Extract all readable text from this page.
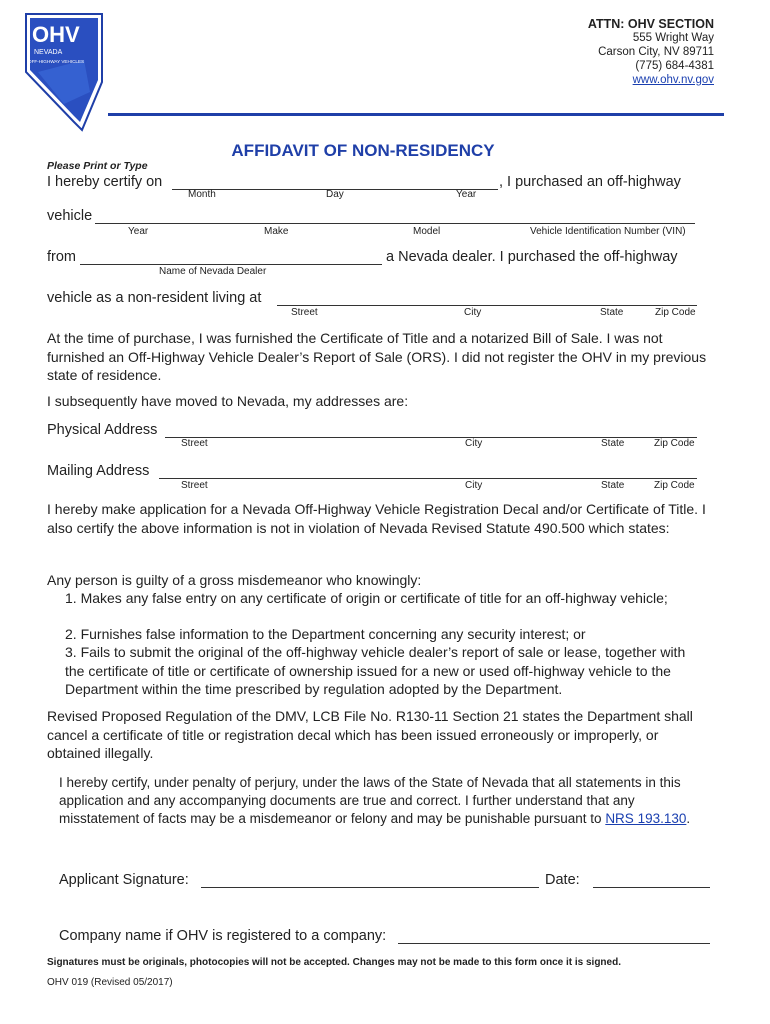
OHV
NEVADA
OFF-HIGHWAY VEHICLES
ATTN: OHV SECTION
555 Wright Way
Carson City, NV 89711
(775) 684-4381
www.ohv.nv.gov
AFFIDAVIT OF NON-RESIDENCY
Please Print or Type
I hereby certify on	, I purchased an off-highway
Month	Day	Year
vehicle
Year	Make	Model	Vehicle Identification Number (VIN)
from	a Nevada dealer. I purchased the off-highway
Name of Nevada Dealer
vehicle as a non-resident living at
Street	City	State	Zip Code
At the time of purchase, I was furnished the Certificate of Title and a notarized Bill of Sale. I was not furnished an Off-Highway Vehicle Dealer’s Report of Sale (ORS). I did not register the OHV in my previous state of residence.
I subsequently have moved to Nevada, my addresses are:
Physical Address
Street	City	State	Zip Code
Mailing Address
Street	City	State	Zip Code
I hereby make application for a Nevada Off-Highway Vehicle Registration Decal and/or Certificate of Title. I also certify the above information is not in violation of Nevada Revised Statute 490.500 which states:
Any person is guilty of a gross misdemeanor who knowingly:
1. Makes any false entry on any certificate of origin or certificate of title for an off-highway vehicle;
2. Furnishes false information to the Department concerning any security interest; or
3. Fails to submit the original of the off-highway vehicle dealer’s report of sale or lease, together with the certificate of title or certificate of ownership issued for a new or used off-highway vehicle to the Department within the time prescribed by regulation adopted by the Department.
Revised Proposed Regulation of the DMV, LCB File No. R130-11 Section 21 states the Department shall cancel a certificate of title or registration decal which has been issued erroneously or improperly, or obtained illegally.
I hereby certify, under penalty of perjury, under the laws of the State of Nevada that all statements in this application and any accompanying documents are true and correct. I further understand that any misstatement of facts may be a misdemeanor or felony and may be punishable pursuant to NRS 193.130.
Applicant Signature:	Date:
Company name if OHV is registered to a company:
Signatures must be originals, photocopies will not be accepted. Changes may not be made to this form once it is signed.
OHV 019 (Revised 05/2017)
